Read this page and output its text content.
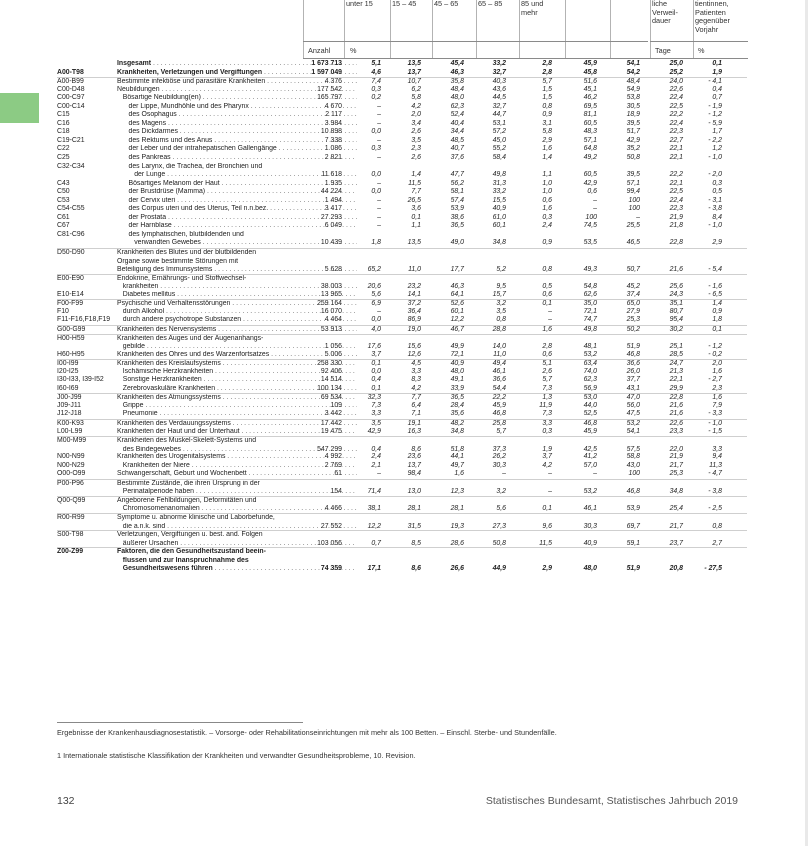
unter 15	15 – 45	45 – 65	65 – 85	85 und
mehr
liche
Verweil-
dauer
tientinnen,
Patienten
gegenüber
Vorjahr
Anzahl	%	Tage	%
Insgesamt . . .	1 673 713	5,1	13,5	45,4	33,2	2,8	45,9	54,1	25,0	0,1
A00-T98	Krankheiten, Verletzungen und Vergiftungen . . .	1 597 049	4,6	13,7	46,3	32,7	2,8	45,8	54,2	25,2	1,9
A00-B99	Bestimmte infektiöse und parasitäre Krankheiten . . .	4 376	7,4	10,7	35,8	40,3	5,7	51,6	48,4	24,0	- 4,1
C00-D48	Neubildungen . . .	177 542	0,3	6,2	48,4	43,6	1,5	45,1	54,9	22,6	0,4
C00-C97	Bösartige Neubildung(en) . . .	165 797	0,2	5,8	48,0	44,5	1,5	46,2	53,8	22,4	0,7
C00-C14	der Lippe, Mundhöhle und des Pharynx . . .	4 670	–	4,2	62,3	32,7	0,8	69,5	30,5	22,5	- 1,9
C15	des Ösophagus . . .	2 117	–	2,0	52,4	44,7	0,9	81,1	18,9	22,2	- 1,2
C16	des Magens . . .	3 984	–	3,4	40,4	53,1	3,1	60,5	39,5	22,4	- 5,9
C18	des Dickdarmes . . .	10 898	0,0	2,6	34,4	57,2	5,8	48,3	51,7	22,3	1,7
C19-C21	des Rektums und des Anus . . .	7 338	–	3,5	48,5	45,0	2,9	57,1	42,9	22,7	- 2,2
C22	der Leber und der intrahepatischen Gallengänge . . .	1 086	0,3	2,3	40,7	55,2	1,6	64,8	35,2	22,1	1,2
C25	des Pankreas . . .	2 821	–	2,6	37,6	58,4	1,4	49,2	50,8	22,1	- 1,0
C32-C34	des Larynx, die Trachea, der Bronchien und
der Lunge . . .	11 618	0,0	1,4	47,7	49,8	1,1	60,5	39,5	22,2	- 2,0
C43	Bösartiges Melanom der Haut . . .	1 935	–	11,5	56,2	31,3	1,0	42,9	57,1	22,1	0,3
C50	der Brustdrüse (Mamma) . . .	44 224	0,0	7,7	58,1	33,2	1,0	0,6	99,4	22,5	0,5
C53	der Cervix uteri . . .	1 494	–	26,5	57,4	15,5	0,6	–	100	22,4	- 3,1
C54-C55	des Corpus uteri und des Uterus, Teil n.n.bez. . . .	3 417	–	3,6	53,9	40,9	1,6	–	100	22,3	- 3,8
C61	der Prostata . . .	27 293	–	0,1	38,6	61,0	0,3	100	–	21,9	8,4
C67	der Harnblase . . .	6 049	–	1,1	36,5	60,1	2,4	74,5	25,5	21,8	- 1,0
C81-C96	des lymphatischen, blutbildenden und
verwandten Gewebes . . .	10 439	1,8	13,5	49,0	34,8	0,9	53,5	46,5	22,8	2,9
D50-D90	Krankheiten des Blutes und der blutbildenden
Organe sowie bestimmte Störungen mit
Beteiligung des Immunsystems . . .	5 628	65,2	11,0	17,7	5,2	0,8	49,3	50,7	21,6	- 5,4
E00-E90	Endokrine, Ernährungs- und Stoffwechsel-
krankheiten . . .	38 003	20,6	23,2	46,3	9,5	0,5	54,8	45,2	25,6	- 1,6
E10-E14	Diabetes mellitus . . .	13 965	5,6	14,1	64,1	15,7	0,6	62,6	37,4	24,3	- 6,5
F00-F99	Psychische und Verhaltensstörungen . . .	259 164	6,9	37,2	52,6	3,2	0,1	35,0	65,0	35,1	1,4
F10	durch Alkohol . . .	16 070	–	36,4	60,1	3,5	–	72,1	27,9	80,7	0,9
F11-F16,F18,F19 durch andere psychotrope Substanzen . . .	4 464	0,0	86,9	12,2	0,8	–	74,7	25,3	95,4	1,8
G00-G99	Krankheiten des Nervensystems . . .	53 913	4,0	19,0	46,7	28,8	1,6	49,8	50,2	30,2	0,1
H00-H59	Krankheiten des Auges und der Augenanhangs-
gebilde . . .	1 056	17,6	15,6	49,9	14,0	2,8	48,1	51,9	25,1	- 1,2
H60-H95	Krankheiten des Ohres und des Warzenfortsatzes . . .	5 006	3,7	12,6	72,1	11,0	0,6	53,2	46,8	28,5	- 0,2
I00-I99	Krankheiten des Kreislaufsystems . . .	258 330	0,1	4,5	40,9	49,4	5,1	63,4	36,6	24,7	2,0
I20-I25	Ischämische Herzkrankheiten . . .	92 406	0,0	3,3	48,0	46,1	2,6	74,0	26,0	21,3	1,6
I30-I33, I39-I52	Sonstige Herzkrankheiten . . .	14 514	0,4	8,3	49,1	36,6	5,7	62,3	37,7	22,1	- 2,7
I60-I69	Zerebrovaskuläre Krankheiten . . .	100 134	0,1	4,2	33,9	54,4	7,3	56,9	43,1	29,9	2,3
J00-J99	Krankheiten des Atmungssystems . . .	69 534	32,3	7,7	36,5	22,2	1,3	53,0	47,0	22,8	1,6
J09-J11	Grippe . . .	109	7,3	6,4	28,4	45,9	11,9	44,0	56,0	21,6	7,9
J12-J18	Pneumonie . . .	3 442	3,3	7,1	35,6	46,8	7,3	52,5	47,5	21,6	- 3,3
K00-K93	Krankheiten des Verdauungssystems . . .	17 442	3,5	19,1	48,2	25,8	3,3	46,8	53,2	22,6	- 1,0
L00-L99	Krankheiten der Haut und der Unterhaut . . .	19 475	42,9	16,3	34,8	5,7	0,3	45,9	54,1	23,3	- 1,5
M00-M99	Krankheiten des Muskel-Skelett-Systems und
des Bindegewebes . . .	547 299	0,4	8,6	51,8	37,3	1,9	42,5	57,5	22,0	3,3
N00-N99	Krankheiten des Urogenitalsystems . . .	4 992	2,4	23,6	44,1	26,2	3,7	41,2	58,8	21,9	9,4
N00-N29	Krankheiten der Niere . . .	2 769	2,1	13,7	49,7	30,3	4,2	57,0	43,0	21,7	11,3
O00-O99	Schwangerschaft, Geburt und Wochenbett . . .	61	–	98,4	1,6	–	–	–	100	25,3	- 4,7
P00-P96	Bestimmte Zustände, die ihren Ursprung in der
Perinatalperiode haben . . .	154	71,4	13,0	12,3	3,2	–	53,2	46,8	34,8	- 3,8
Q00-Q99	Angeborene Fehlbildungen, Deformitäten und
Chromosomenanomalien . . .	4 466	38,1	28,1	28,1	5,6	0,1	46,1	53,9	25,4	- 2,5
R00-R99	Symptome u. abnorme klinische und Laborbefunde,
die a.n.k. sind . . .	27 552	12,2	31,5	19,3	27,3	9,6	30,3	69,7	21,7	0,8
S00-T98	Verletzungen, Vergiftungen u. best. and. Folgen
äußerer Ursachen . . .	103 056	0,7	8,5	28,6	50,8	11,5	40,9	59,1	23,7	2,7
Z00-Z99	Faktoren, die den Gesundheitszustand beein-
flussen und zur Inanspruchnahme des
Gesundheitswesens führen . . .	74 359	17,1	8,6	26,6	44,9	2,9	48,0	51,9	20,8	- 27,5
Ergebnisse der Krankenhausdiagnosestatistik. – Vorsorge- oder Rehabilitationseinrichtungen mit mehr als 100 Betten. – Einschl. Sterbe- und Stundenfälle.
1 Internationale statistische Klassifikation der Krankheiten und verwandter Gesundheitsprobleme, 10. Revision.
132	Statistisches Bundesamt, Statistisches Jahrbuch 2019
